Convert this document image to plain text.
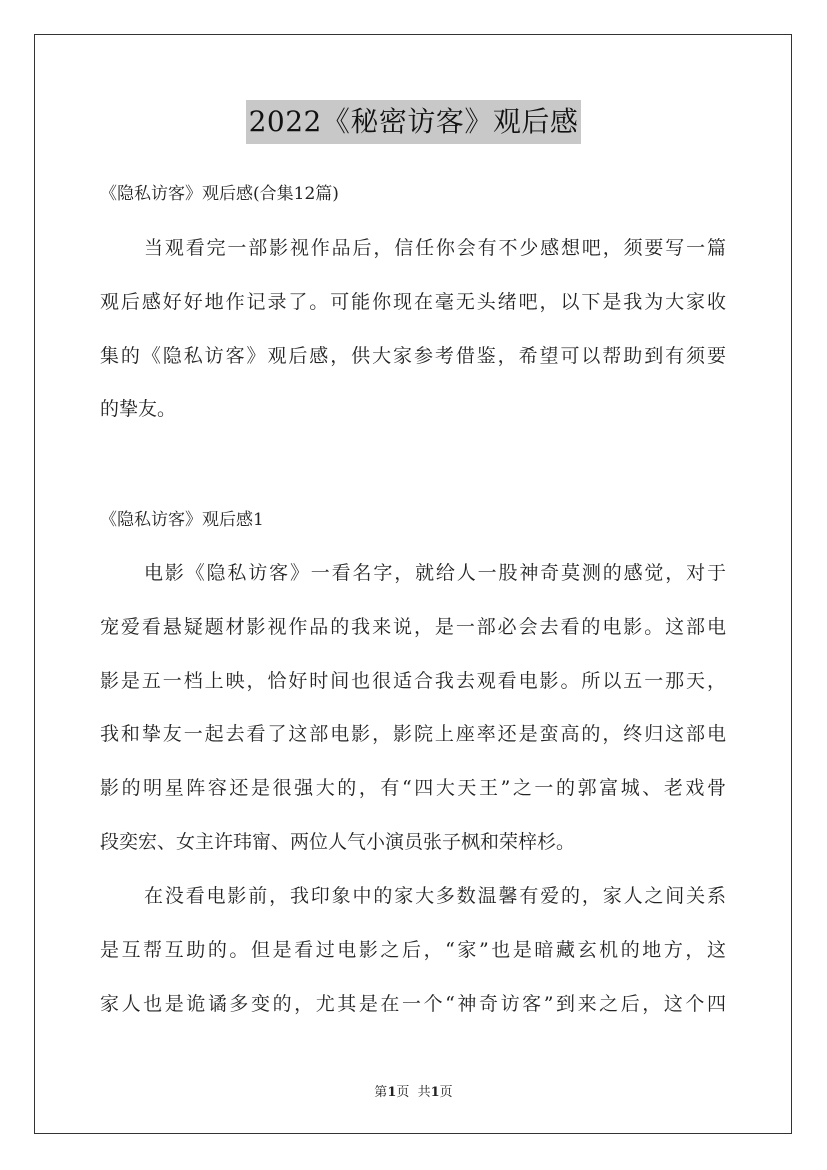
2022《秘密访客》观后感
《隐私访客》观后感(合集12篇)
当观看完一部影视作品后，信任你会有不少感想吧，须要写一篇
观后感好好地作记录了。可能你现在毫无头绪吧，以下是我为大家收
集的《隐私访客》观后感，供大家参考借鉴，希望可以帮助到有须要
的挚友。
《隐私访客》观后感1
电影《隐私访客》一看名字，就给人一股神奇莫测的感觉，对于
宠爱看悬疑题材影视作品的我来说，是一部必会去看的电影。这部电
影是五一档上映，恰好时间也很适合我去观看电影。所以五一那天，
我和挚友一起去看了这部电影，影院上座率还是蛮高的，终归这部电
影的明星阵容还是很强大的，有“四大天王”之一的郭富城、老戏骨
段奕宏、女主许玮甯、两位人气小演员张子枫和荣梓杉。
在没看电影前，我印象中的家大多数温馨有爱的，家人之间关系
是互帮互助的。但是看过电影之后，“家”也是暗藏玄机的地方，这
家人也是诡谲多变的，尤其是在一个“神奇访客”到来之后，这个四
第1页  共1页
